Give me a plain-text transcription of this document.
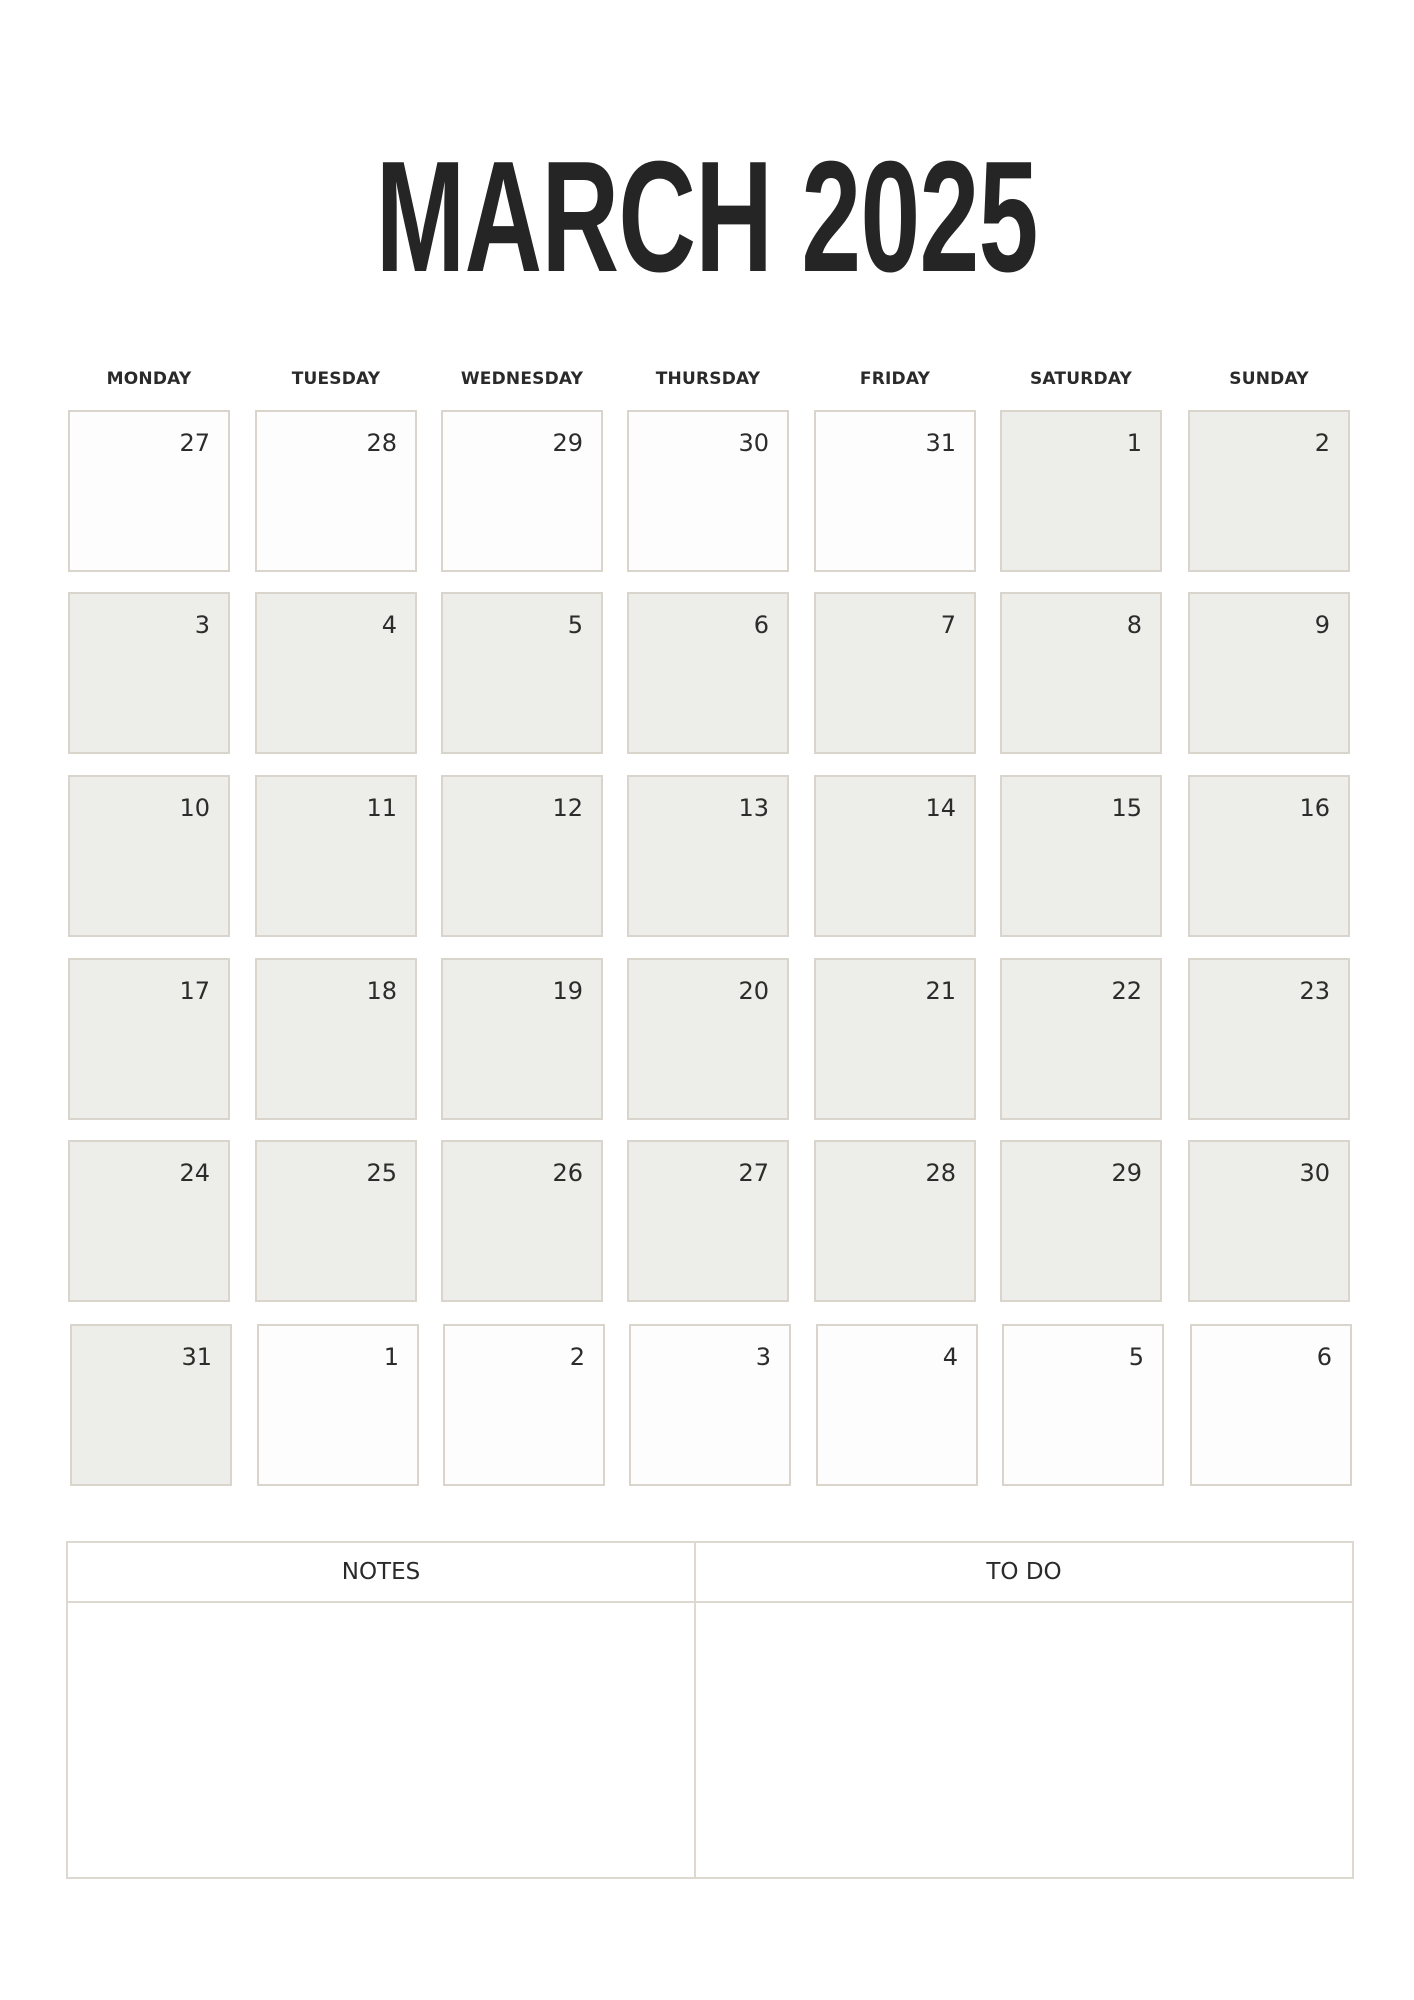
MARCH 2025
MONDAY	TUESDAY	WEDNESDAY	THURSDAY	FRIDAY	SATURDAY	SUNDAY
27	28	29	30	31	1	2
3	4	5	6	7	8	9
10	11	12	13	14	15	16
17	18	19	20	21	22	23
24	25	26	27	28	29	30
31	1	2	3	4	5	6
NOTES	TO DO
